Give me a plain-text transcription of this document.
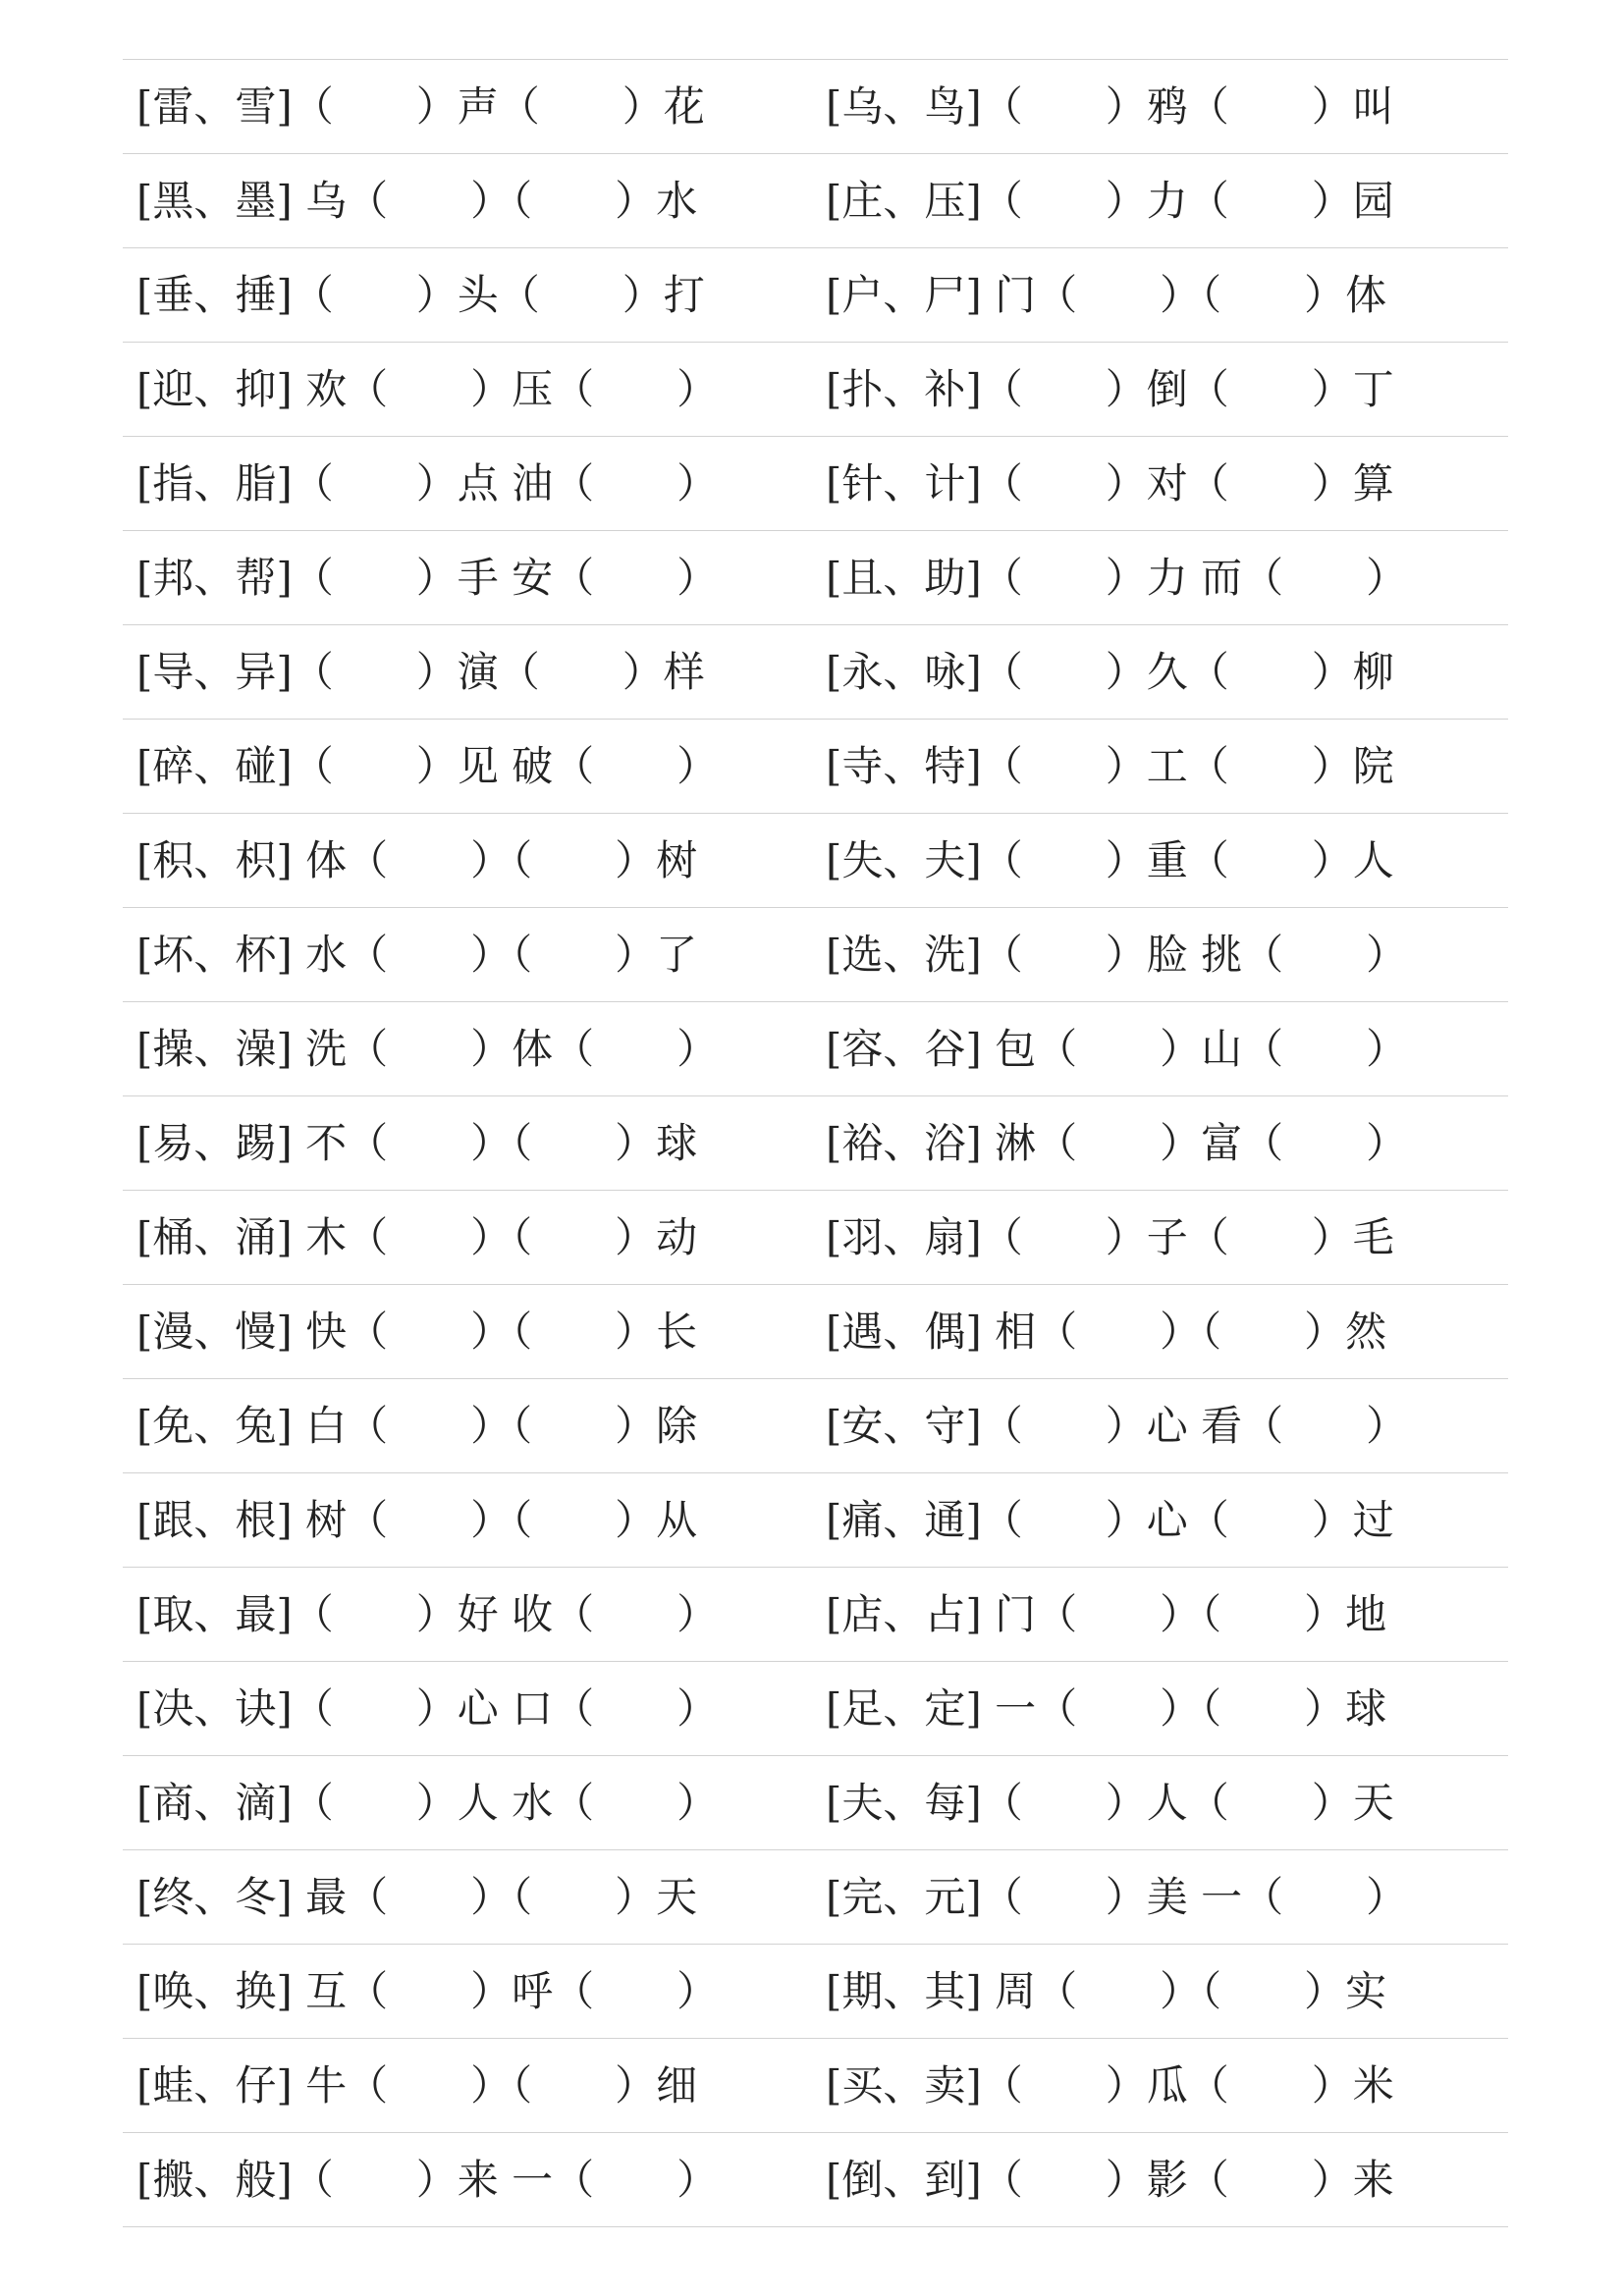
[雷、雪]（　　）声（　　）花	[乌、鸟]（　　）鸦（　　）叫
[黑、墨] 乌（　　）（　　）水	[庄、压]（　　）力（　　）园
[垂、捶]（　　）头（　　）打	[户、尸] 门（　　）（　　）体
[迎、抑] 欢（　　）压（　　）	[扑、补]（　　）倒（　　）丁
[指、脂]（　　）点 油（　　）	[针、计]（　　）对（　　）算
[邦、帮]（　　）手 安（　　）	[且、助]（　　）力 而（　　）
[导、异]（　　）演（　　）样	[永、咏]（　　）久（　　）柳
[碎、碰]（　　）见 破（　　）	[寺、特]（　　）工（　　）院
[积、枳] 体（　　）（　　）树	[失、夫]（　　）重（　　）人
[坏、杯] 水（　　）（　　）了	[选、洗]（　　）脸 挑（　　）
[操、澡] 洗（　　）体（　　）	[容、谷] 包（　　）山（　　）
[易、踢] 不（　　）（　　）球	[裕、浴] 淋（　　）富（　　）
[桶、涌] 木（　　）（　　）动	[羽、扇]（　　）子（　　）毛
[漫、慢] 快（　　）（　　）长	[遇、偶] 相（　　）（　　）然
[免、兔] 白（　　）（　　）除	[安、守]（　　）心 看（　　）
[跟、根] 树（　　）（　　）从	[痛、通]（　　）心（　　）过
[取、最]（　　）好 收（　　）	[店、占] 门（　　）（　　）地
[决、诀]（　　）心 口（　　）	[足、定] 一（　　）（　　）球
[商、滴]（　　）人 水（　　）	[夫、每]（　　）人（　　）天
[终、冬] 最（　　）（　　）天	[完、元]（　　）美 一（　　）
[唤、换] 互（　　）呼（　　）	[期、其] 周（　　）（　　）实
[蛙、仔] 牛（　　）（　　）细	[买、卖]（　　）瓜（　　）米
[搬、般]（　　）来 一（　　）	[倒、到]（　　）影（　　）来
